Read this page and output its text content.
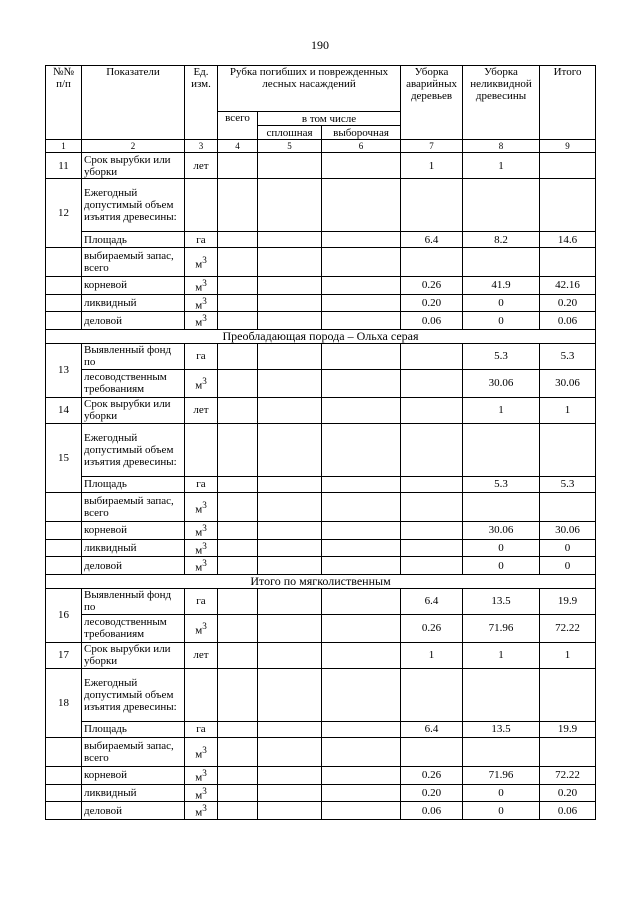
190
№№ п/п	Показатели	Ед. изм.	Рубка погибших и поврежденных лесных насаждений			Уборка аварийных деревьев	Уборка неликвидной древесины	Итого
			всего	в том числе				
				сплошная	выборочная			
1	2	3	4	5	6	7	8	9
11	Срок вырубки или уборки	лет				1	1	
12	Ежегодный допустимый объем изъятия древесины:							
	Площадь	га				6.4	8.2	14.6
	выбираемый запас, всего	$м^3$						
	корневой	$м^3$				0.26	41.9	42.16
	ликвидный	$м^3$				0.20	0	0.20
	деловой	$м^3$				0.06	0	0.06
Преобладающая порода – Ольха серая								
13	Выявленный фонд по	га					5.3	5.3
	лесоводственным требованиям	$м^3$					30.06	30.06
14	Срок вырубки или уборки	лет					1	1
15	Ежегодный допустимый объем изъятия древесины:							
	Площадь	га					5.3	5.3
	выбираемый запас, всего	$м^3$						
	корневой	$м^3$					30.06	30.06
	ликвидный	$м^3$					0	0
	деловой	$м^3$					0	0
Итого по мягколиственным								
16	Выявленный фонд по	га				6.4	13.5	19.9
	лесоводственным требованиям	$м^3$				0.26	71.96	72.22
17	Срок вырубки или уборки	лет				1	1	1
18	Ежегодный допустимый объем изъятия древесины:							
	Площадь	га				6.4	13.5	19.9
	выбираемый запас, всего	$м^3$						
	корневой	$м^3$				0.26	71.96	72.22
	ликвидный	$м^3$				0.20	0	0.20
	деловой	$м^3$				0.06	0	0.06
